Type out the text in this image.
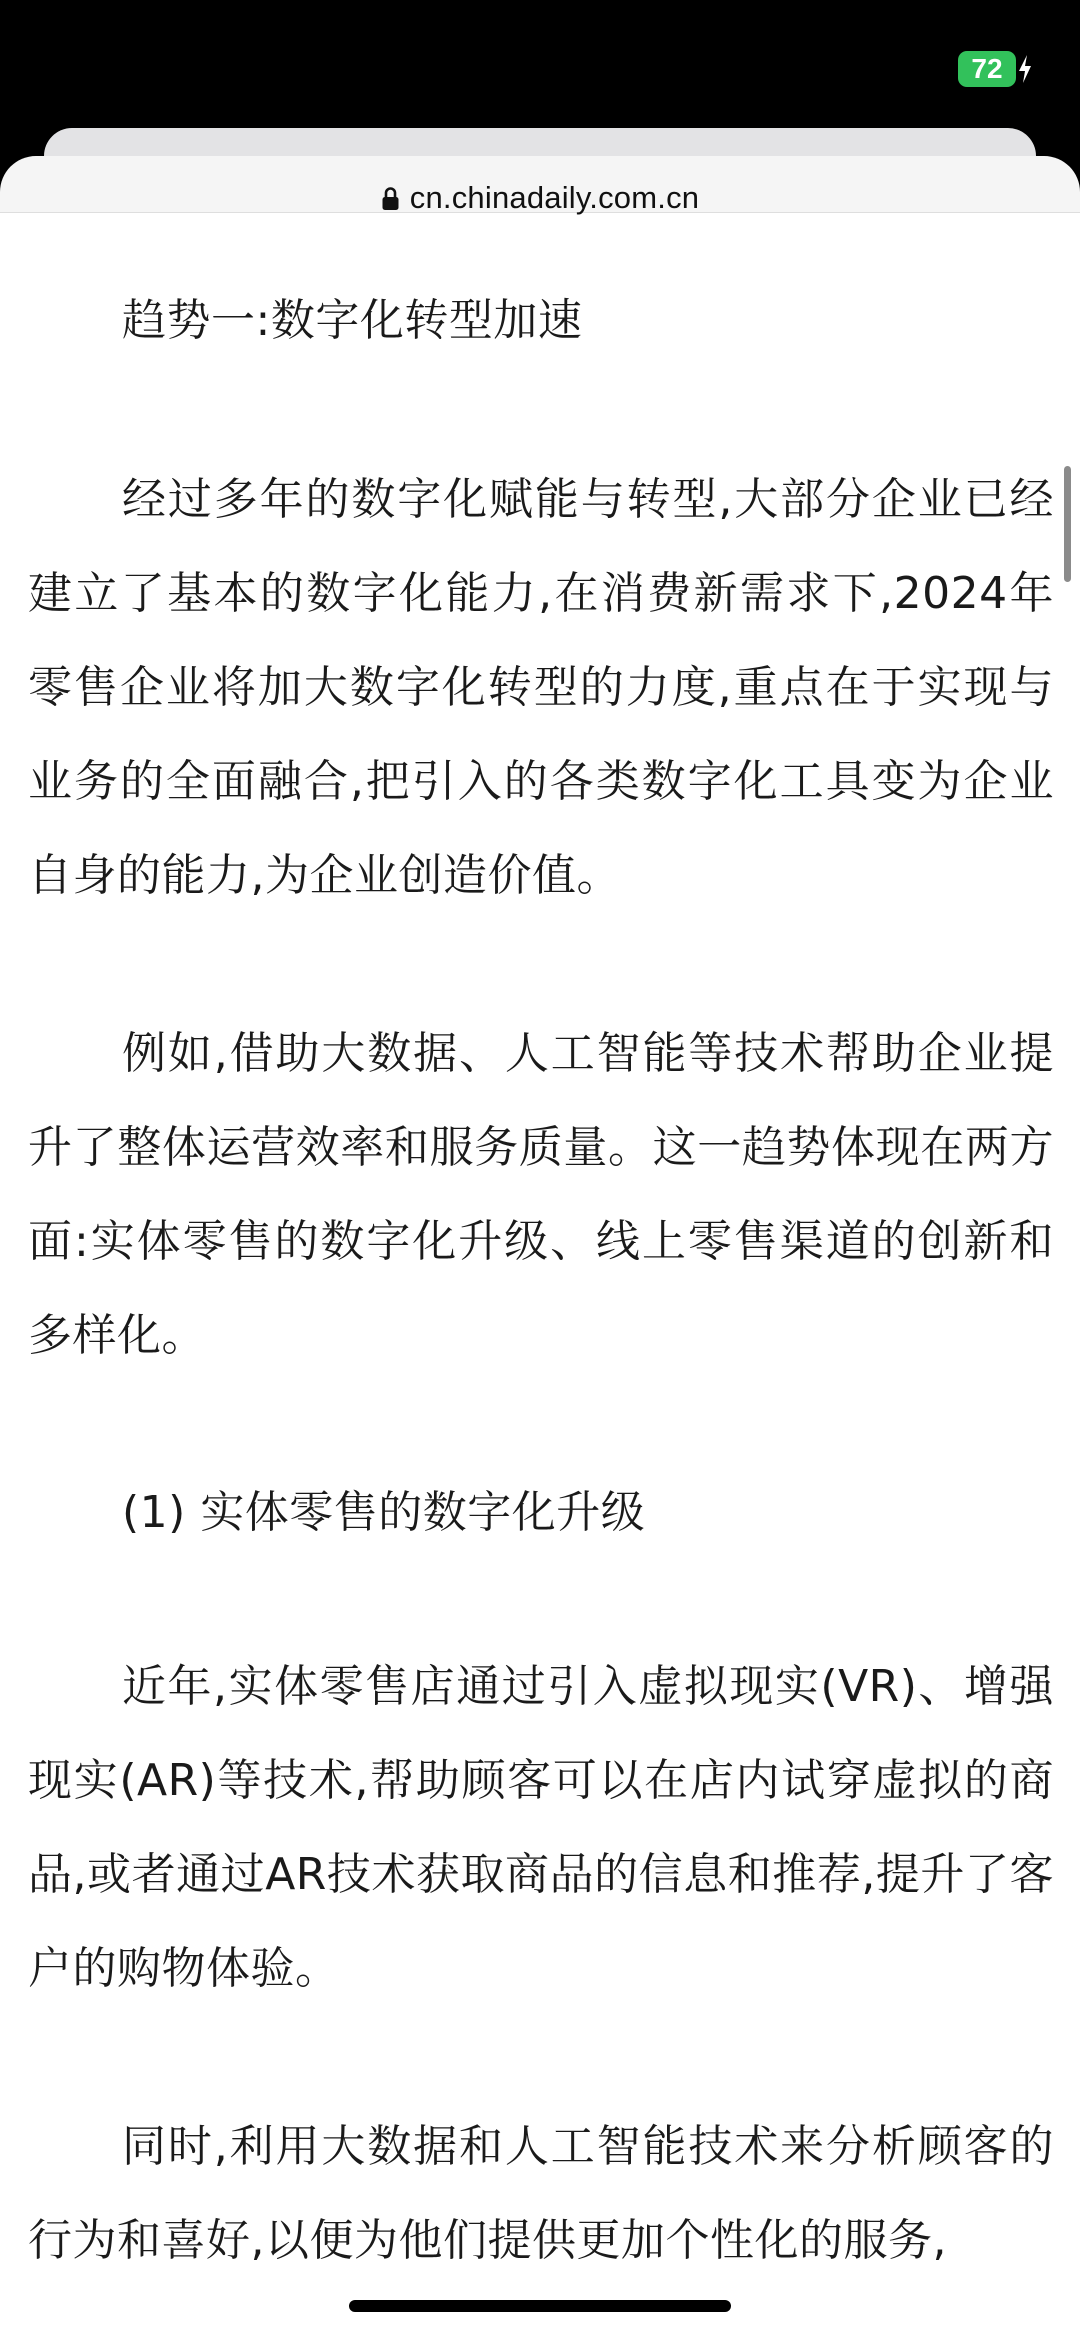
72
cn.chinadaily.com.cn

趋势一:数字化转型加速

经过多年的数字化赋能与转型,大部分企业已经建立了基本的数字化能力,在消费新需求下,2024年零售企业将加大数字化转型的力度,重点在于实现与业务的全面融合,把引入的各类数字化工具变为企业自身的能力,为企业创造价值。

例如,借助大数据、人工智能等技术帮助企业提升了整体运营效率和服务质量。这一趋势体现在两方面:实体零售的数字化升级、线上零售渠道的创新和多样化。

(1) 实体零售的数字化升级

近年,实体零售店通过引入虚拟现实(VR)、增强现实(AR)等技术,帮助顾客可以在店内试穿虚拟的商品,或者通过AR技术获取商品的信息和推荐,提升了客户的购物体验。

同时,利用大数据和人工智能技术来分析顾客的行为和喜好,以便为他们提供更加个性化的服务,
